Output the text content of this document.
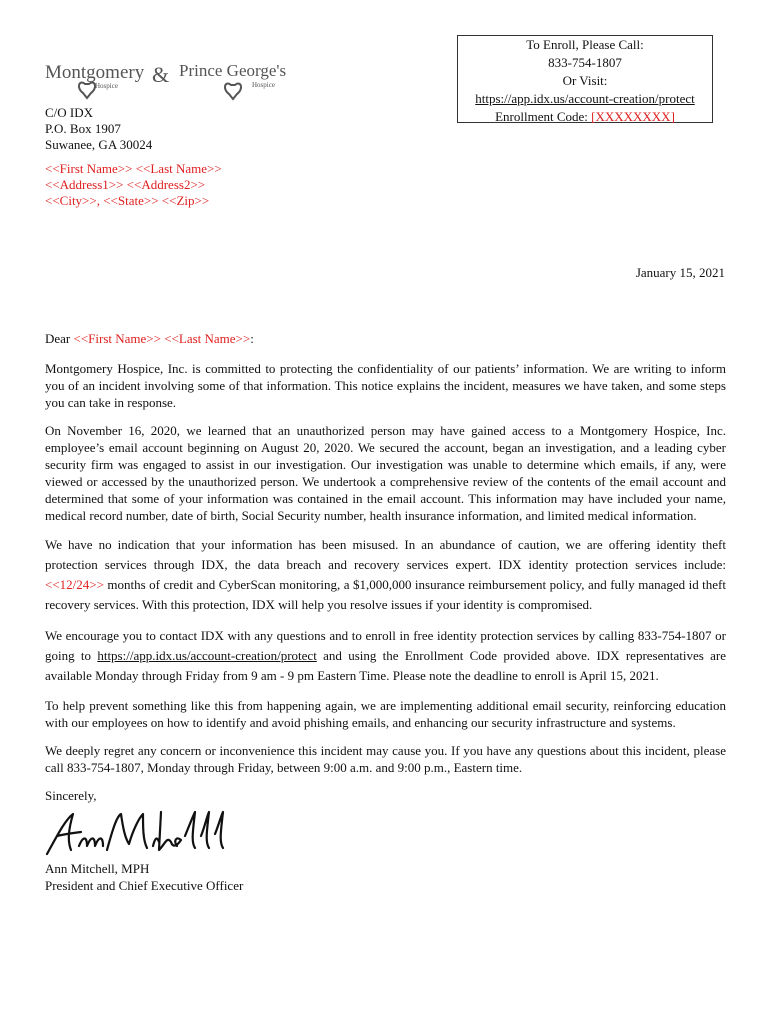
Montgomery
Hospice & Prince George's
Hospice
To Enroll, Please Call:
833-754-1807
Or Visit:
https://app.idx.us/account-creation/protect
Enrollment Code: [XXXXXXXX]
C/O IDX
P.O. Box 1907
Suwanee, GA 30024
<<First Name>> <<Last Name>>
<<Address1>> <<Address2>>
<<City>>, <<State>> <<Zip>>
January 15, 2021

Dear <<First Name>> <<Last Name>>:

Montgomery Hospice, Inc. is committed to protecting the confidentiality of our patients’ information. We are writing to inform you of an incident involving some of that information. This notice explains the incident, measures we have taken, and some steps you can take in response.

On November 16, 2020, we learned that an unauthorized person may have gained access to a Montgomery Hospice, Inc. employee’s email account beginning on August 20, 2020. We secured the account, began an investigation, and a leading cyber security firm was engaged to assist in our investigation. Our investigation was unable to determine which emails, if any, were viewed or accessed by the unauthorized person. We undertook a comprehensive review of the contents of the email account and determined that some of your information was contained in the email account. This information may have included your name, medical record number, date of birth, Social Security number, health insurance information, and limited medical information.

We have no indication that your information has been misused. In an abundance of caution, we are offering identity theft protection services through IDX, the data breach and recovery services expert. IDX identity protection services include: <<12/24>> months of credit and CyberScan monitoring, a $1,000,000 insurance reimbursement policy, and fully managed id theft recovery services. With this protection, IDX will help you resolve issues if your identity is compromised.

We encourage you to contact IDX with any questions and to enroll in free identity protection services by calling 833-754-1807 or going to https://app.idx.us/account-creation/protect and using the Enrollment Code provided above. IDX representatives are available Monday through Friday from 9 am - 9 pm Eastern Time. Please note the deadline to enroll is April 15, 2021.

To help prevent something like this from happening again, we are implementing additional email security, reinforcing education with our employees on how to identify and avoid phishing emails, and enhancing our security infrastructure and systems.

We deeply regret any concern or inconvenience this incident may cause you. If you have any questions about this incident, please call 833-754-1807, Monday through Friday, between 9:00 a.m. and 9:00 p.m., Eastern time.

Sincerely,

Ann Mitchell, MPH
President and Chief Executive Officer
